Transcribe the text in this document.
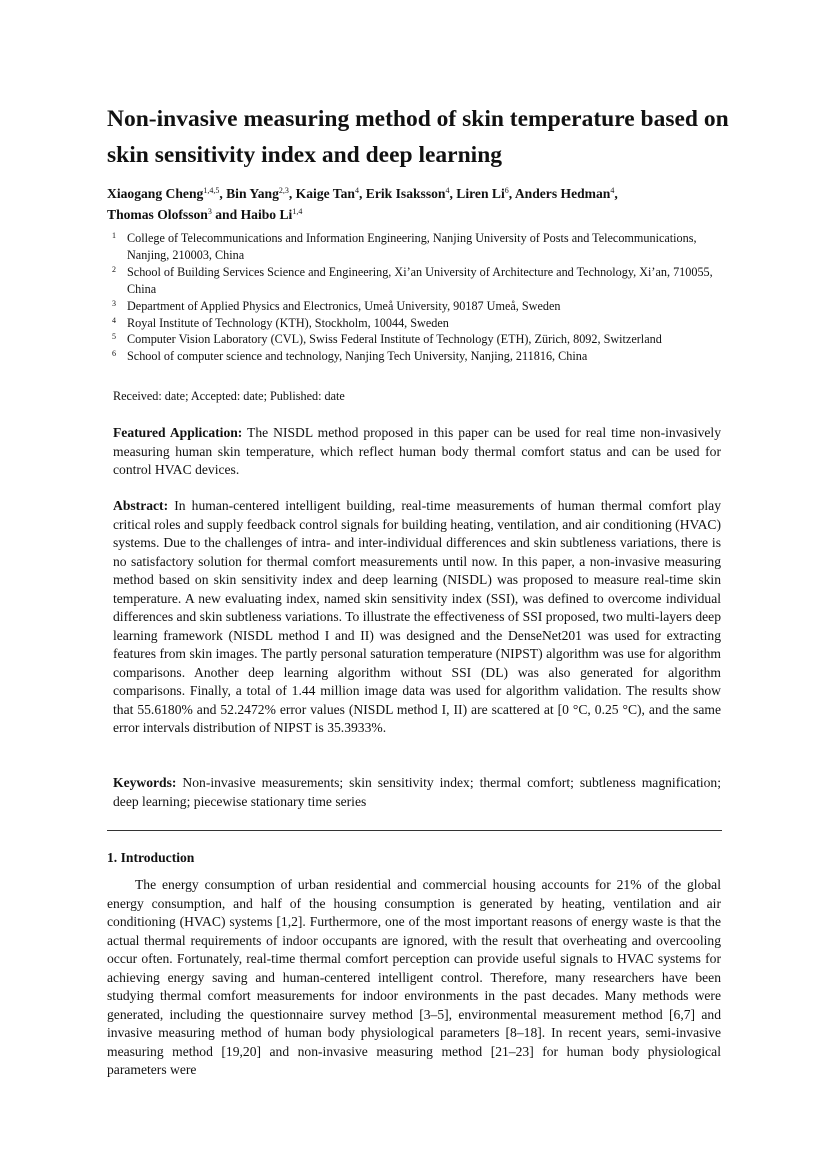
Non-invasive measuring method of skin temperature based on skin sensitivity index and deep learning
Xiaogang Cheng$^{1,4,5}$, Bin Yang$^{2,3}$, Kaige Tan$^4$, Erik Isaksson$^4$, Liren Li$^6$, Anders Hedman$^4$,
Thomas Olofsson$^3$ and Haibo Li$^{1,4}$
1 College of Telecommunications and Information Engineering, Nanjing University of Posts and Telecommunications, Nanjing, 210003, China
2 School of Building Services Science and Engineering, Xi’an University of Architecture and Technology, Xi’an, 710055, China
3 Department of Applied Physics and Electronics, Umeå University, 90187 Umeå, Sweden
4 Royal Institute of Technology (KTH), Stockholm, 10044, Sweden
5 Computer Vision Laboratory (CVL), Swiss Federal Institute of Technology (ETH), Zürich, 8092, Switzerland
6 School of computer science and technology, Nanjing Tech University, Nanjing, 211816, China
Received: date; Accepted: date; Published: date

Featured Application: The NISDL method proposed in this paper can be used for real time non-invasively measuring human skin temperature, which reflect human body thermal comfort status and can be used for control HVAC devices.

Abstract: In human-centered intelligent building, real-time measurements of human thermal comfort play critical roles and supply feedback control signals for building heating, ventilation, and air conditioning (HVAC) systems. Due to the challenges of intra- and inter-individual differences and skin subtleness variations, there is no satisfactory solution for thermal comfort measurements until now. In this paper, a non-invasive measuring method based on skin sensitivity index and deep learning (NISDL) was proposed to measure real-time skin temperature. A new evaluating index, named skin sensitivity index (SSI), was defined to overcome individual differences and skin subtleness variations. To illustrate the effectiveness of SSI proposed, two multi-layers deep learning framework (NISDL method I and II) was designed and the DenseNet201 was used for extracting features from skin images. The partly personal saturation temperature (NIPST) algorithm was use for algorithm comparisons. Another deep learning algorithm without SSI (DL) was also generated for algorithm comparisons. Finally, a total of 1.44 million image data was used for algorithm validation. The results show that 55.6180% and 52.2472% error values (NISDL method I, II) are scattered at [0 °C, 0.25 °C), and the same error intervals distribution of NIPST is 35.3933%.

Keywords: Non-invasive measurements; skin sensitivity index; thermal comfort; subtleness magnification; deep learning; piecewise stationary time series

1. Introduction

The energy consumption of urban residential and commercial housing accounts for 21% of the global energy consumption, and half of the housing consumption is generated by heating, ventilation and air conditioning (HVAC) systems [1,2]. Furthermore, one of the most important reasons of energy waste is that the actual thermal requirements of indoor occupants are ignored, with the result that overheating and overcooling occur often. Fortunately, real-time thermal comfort perception can provide useful signals to HVAC systems for achieving energy saving and human-centered intelligent control. Therefore, many researchers have been studying thermal comfort measurements for indoor environments in the past decades. Many methods were generated, including the questionnaire survey method [3–5], environmental measurement method [6,7] and invasive measuring method of human body physiological parameters [8–18]. In recent years, semi-invasive measuring method [19,20] and non-invasive measuring method [21–23] for human body physiological parameters were
